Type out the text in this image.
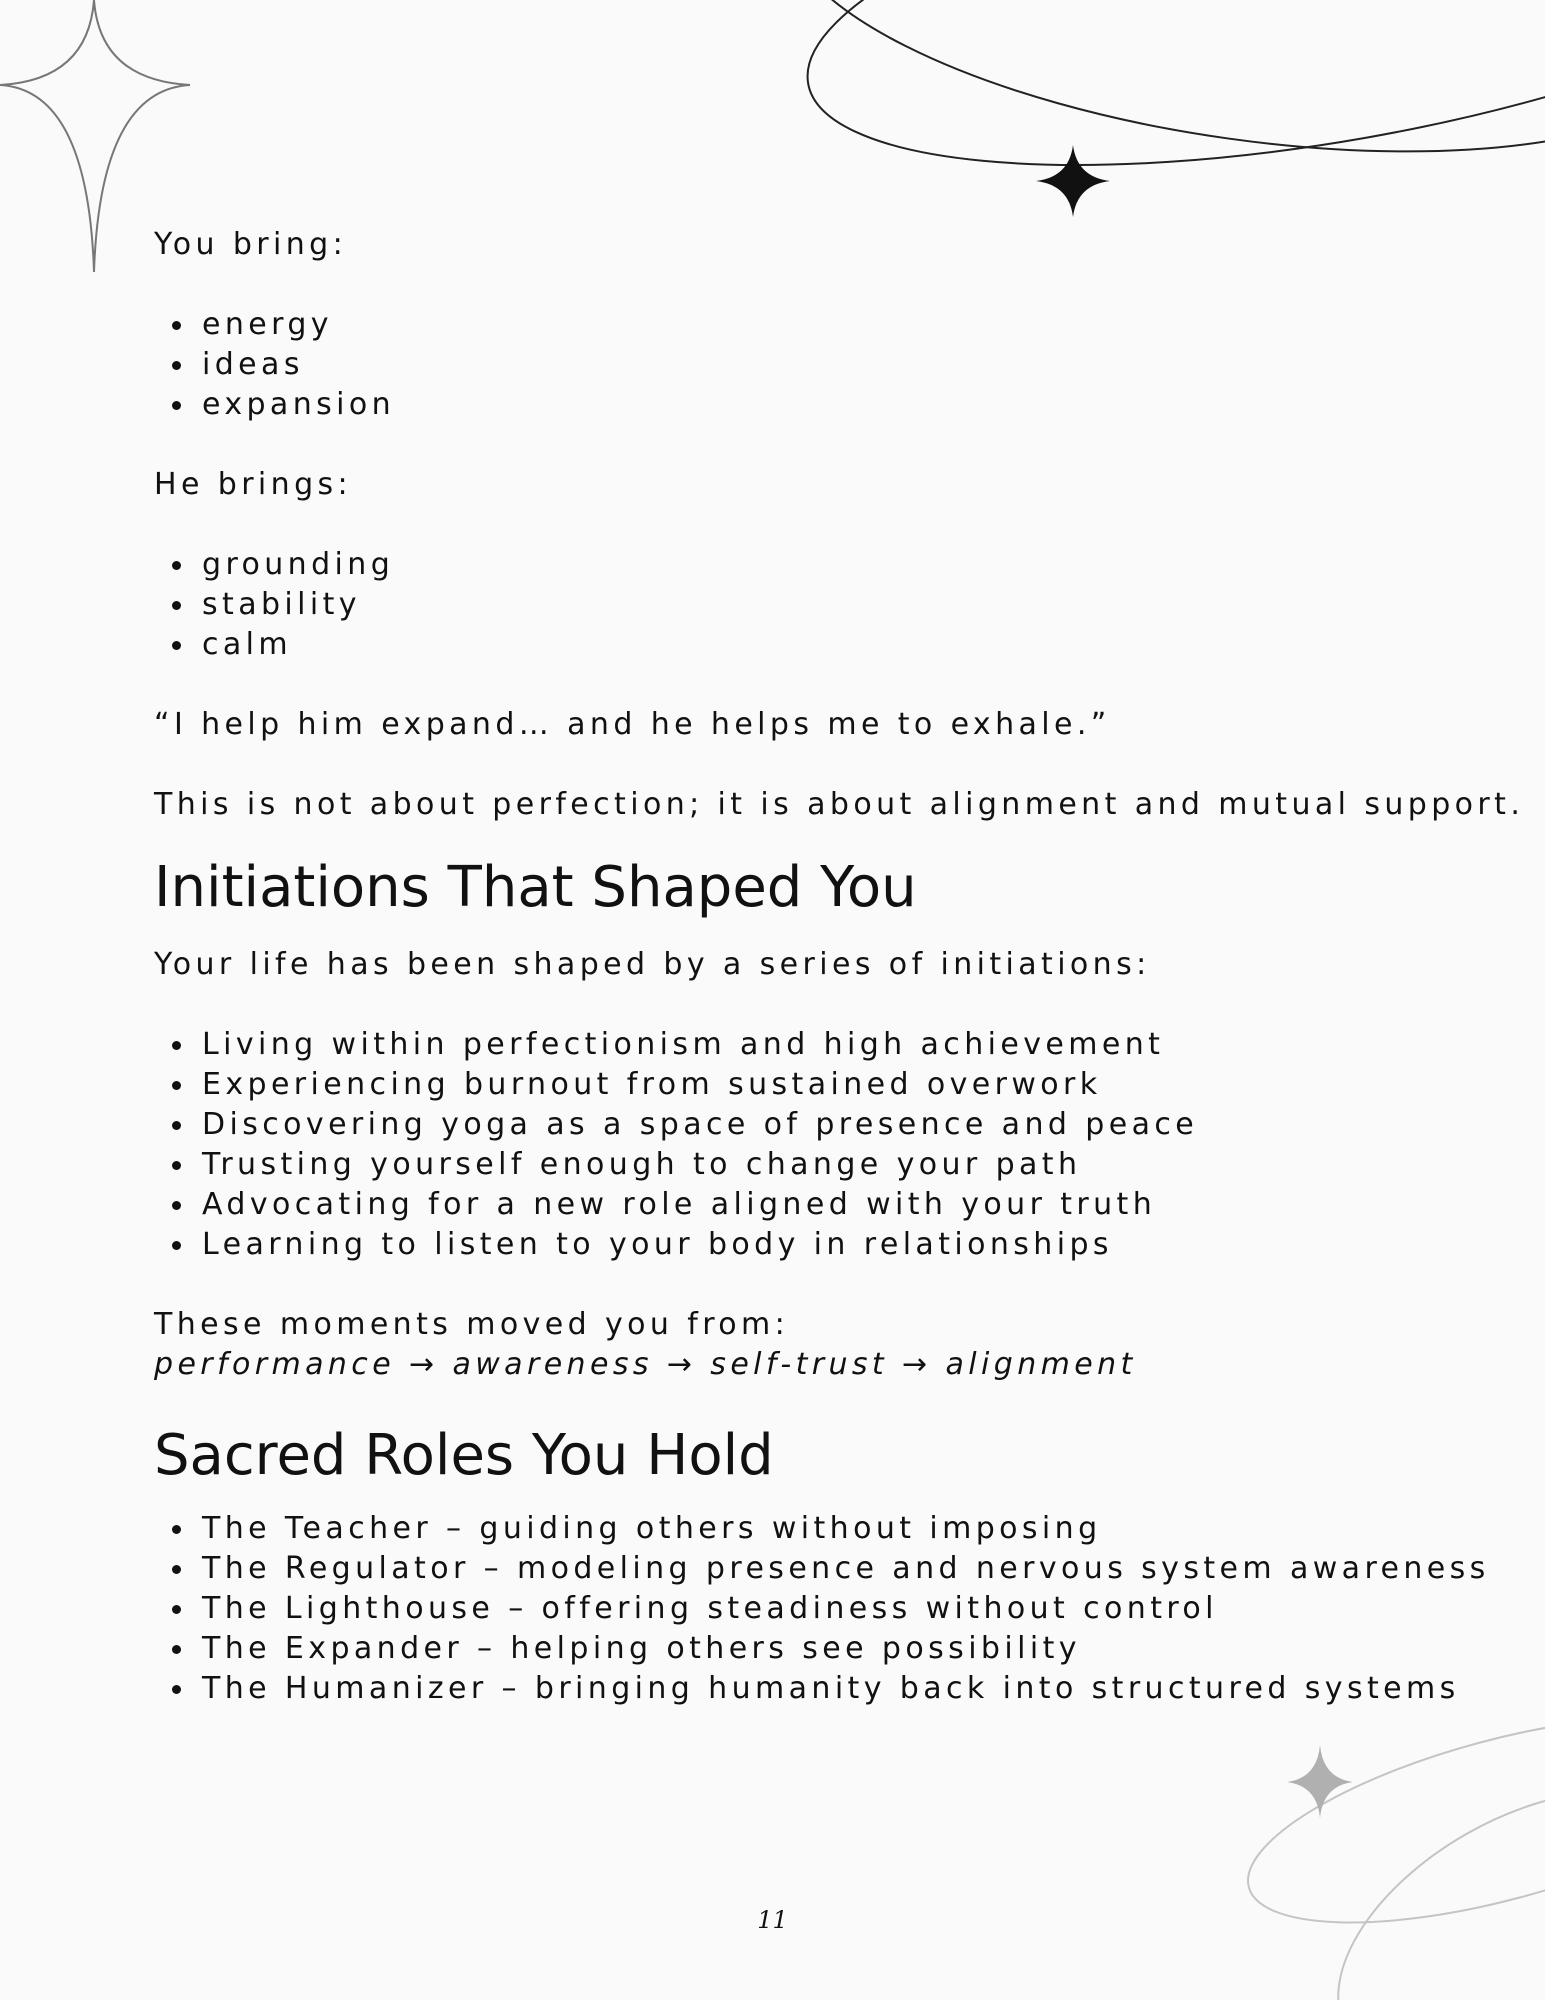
You bring:

energy
ideas
expansion

He brings:

grounding
stability
calm

“I help him expand… and he helps me to exhale.”

This is not about perfection; it is about alignment and mutual support.

Initiations That Shaped You

Your life has been shaped by a series of initiations:

Living within perfectionism and high achievement
Experiencing burnout from sustained overwork
Discovering yoga as a space of presence and peace
Trusting yourself enough to change your path
Advocating for a new role aligned with your truth
Learning to listen to your body in relationships

These moments moved you from:

performance → awareness → self-trust → alignment

Sacred Roles You Hold
The Teacher – guiding others without imposing
The Regulator – modeling presence and nervous system awareness
The Lighthouse – offering steadiness without control
The Expander – helping others see possibility
The Humanizer – bringing humanity back into structured systems
11
